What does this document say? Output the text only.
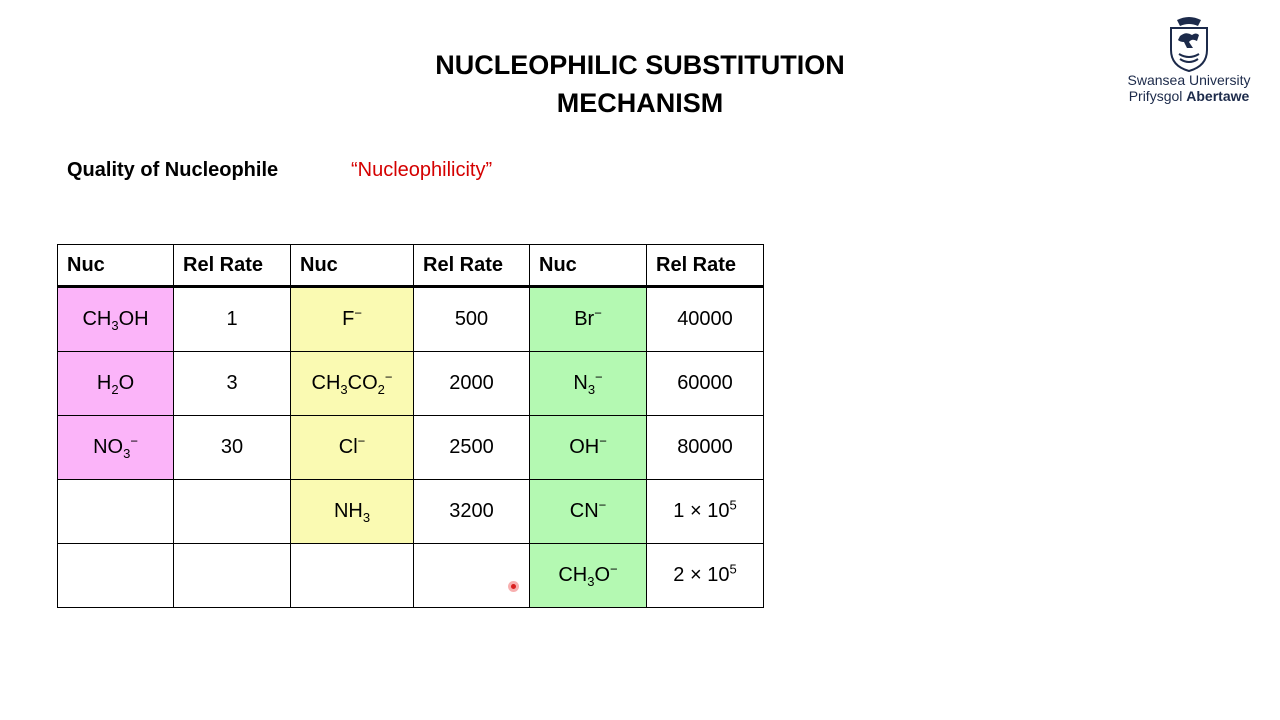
NUCLEOPHILIC SUBSTITUTION
MECHANISM
Swansea University
Prifysgol Abertawe
Quality of Nucleophile	“Nucleophilicity”
Nuc	Rel Rate	Nuc	Rel Rate	Nuc	Rel Rate
$CH_3OH$	1	F−	500	Br−	40000
$H_2O$	3	$CH_3CO_2^-$	2000	$N_3^-$	60000
$NO_3^-$	30	Cl−	2500	OH−	80000
		$NH_3$	3200	CN−	$1 \times 10^5$
				$CH_3O^-$	$2 \times 10^5$
